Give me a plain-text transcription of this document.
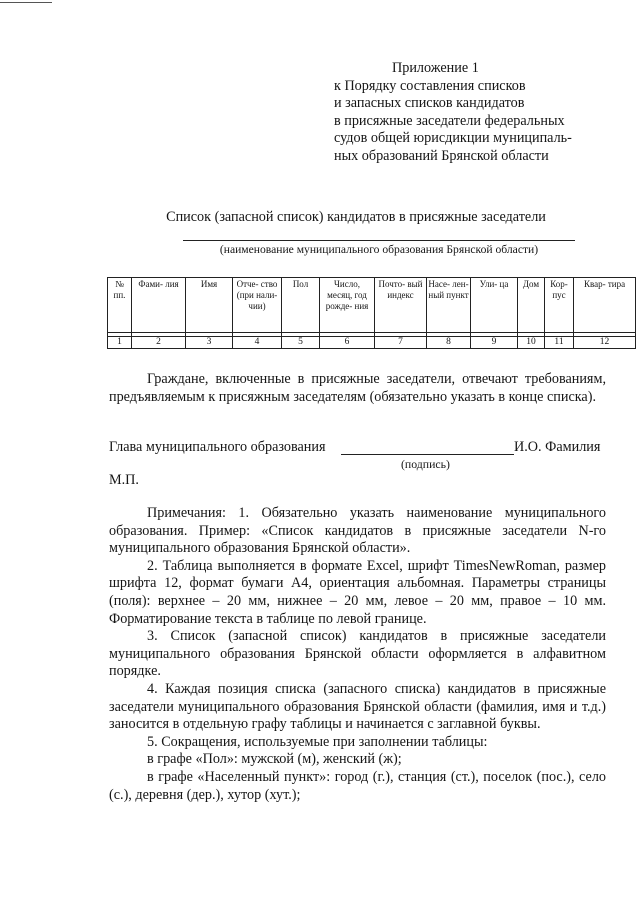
Приложение 1
к Порядку составления списков
и запасных списков кандидатов
в присяжные заседатели федеральных
судов общей юрисдикции муниципаль-
ных образований Брянской области
Список (запасной список) кандидатов в присяжные заседатели
(наименование муниципального образования Брянской области)
№ пп.	Фами- лия	Имя	Отче- ство (при нали- чии)	Пол	Число, месяц, год рожде- ния	Почто- вый индекс	Насе- лен- ный пункт	Ули- ца	Дом	Кор- пус	Квар- тира

1	2	3	4	5	6	7	8	9	10	11	12
Граждане, включенные в присяжные заседатели, отвечают требованиям, предъявляемым к присяжным заседателям (обязательно указать в конце списка).
Глава муниципального образования	И.О. Фамилия
(подпись)
М.П.

Примечания: 1. Обязательно указать наименование муниципального образования. Пример: «Список кандидатов в присяжные заседатели N-го муниципального образования Брянской области».

2. Таблица выполняется в формате Excel, шрифт TimesNewRoman, размер шрифта 12, формат бумаги А4, ориентация альбомная. Параметры страницы (поля): верхнее – 20 мм, нижнее – 20 мм, левое – 20 мм, правое – 10 мм. Форматирование текста в таблице по левой границе.

3. Список (запасной список) кандидатов в присяжные заседатели муниципального образования Брянской области оформляется в алфавитном порядке.

4. Каждая позиция списка (запасного списка) кандидатов в присяжные заседатели муниципального образования Брянской области (фамилия, имя и т.д.) заносится в отдельную графу таблицы и начинается с заглавной буквы.

5. Сокращения, используемые при заполнении таблицы:

в графе «Пол»: мужской (м), женский (ж);

в графе «Населенный пункт»: город (г.), станция (ст.), поселок (пос.), село (с.), деревня (дер.), хутор (хут.);
